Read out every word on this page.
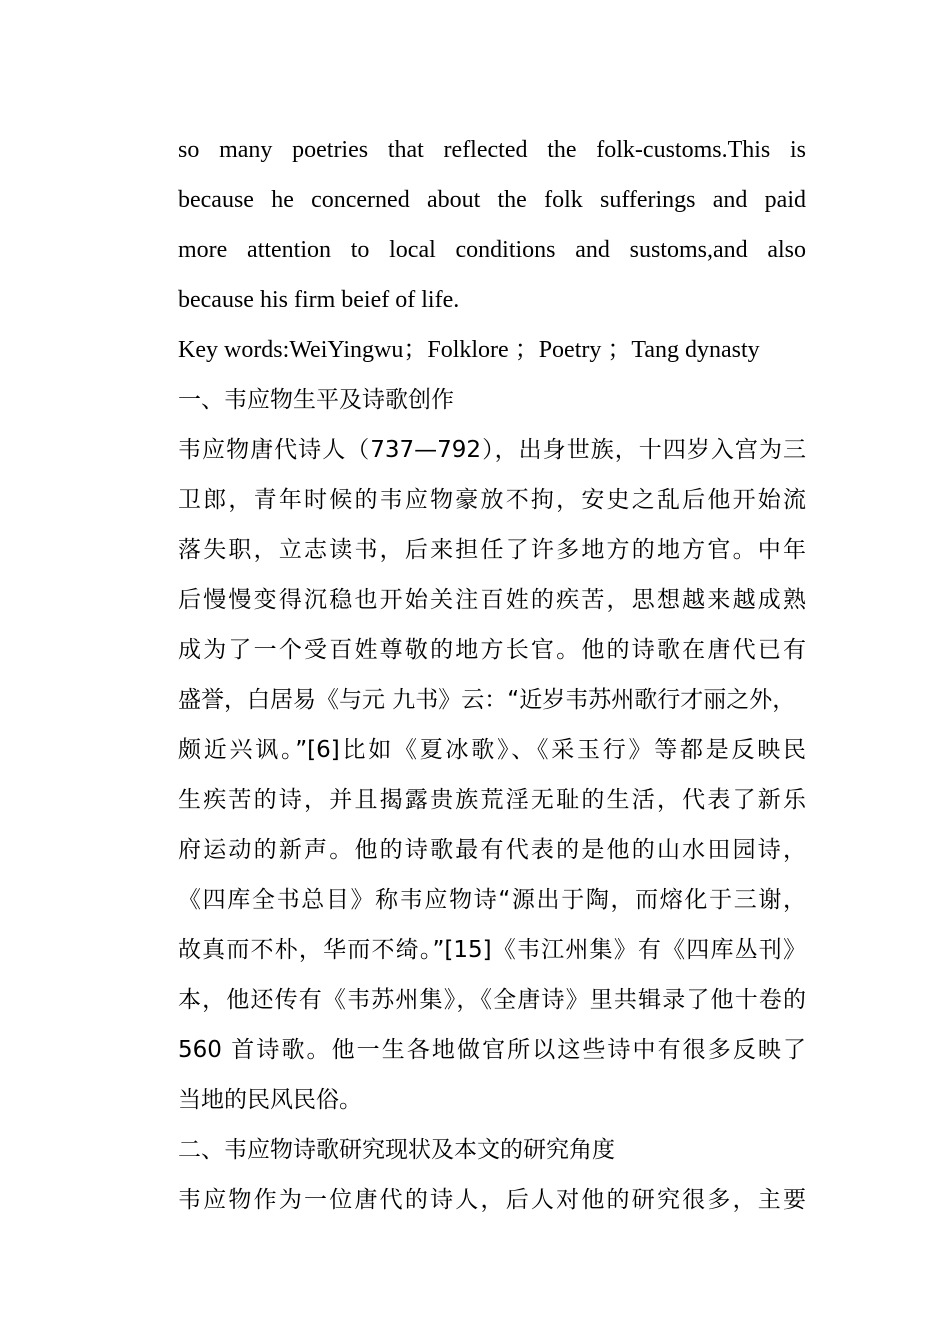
so many poetries that reflected the folk-customs.This is
because he concerned about the folk sufferings and paid
more attention to local conditions and sustoms,and also
because his firm beief of life.
Key words:WeiYingwu；Folklore ；Poetry ；Tang dynasty
一、韦应物生平及诗歌创作
韦应物唐代诗人（737—792），出身世族，十四岁入宫为三
卫郎，青年时候的韦应物豪放不拘，安史之乱后他开始流
落失职，立志读书，后来担任了许多地方的地方官。中年
后慢慢变得沉稳也开始关注百姓的疾苦，思想越来越成熟
成为了一个受百姓尊敬的地方长官。他的诗歌在唐代已有
盛誉，白居易《与元 九书》云：“近岁韦苏州歌行才丽之外，
颇近兴讽。”[6]比如《夏冰歌》、《采玉行》等都是反映民
生疾苦的诗，并且揭露贵族荒淫无耻的生活，代表了新乐
府运动的新声。他的诗歌最有代表的是他的山水田园诗，
《四库全书总目》称韦应物诗“源出于陶，而熔化于三谢，
故真而不朴，华而不绮。”[15]《韦江州集》有《四库丛刊》
本，他还传有《韦苏州集》，《全唐诗》里共辑录了他十卷的
560 首诗歌。他一生各地做官所以这些诗中有很多反映了
当地的民风民俗。
二、韦应物诗歌研究现状及本文的研究角度
韦应物作为一位唐代的诗人，后人对他的研究很多，主要
